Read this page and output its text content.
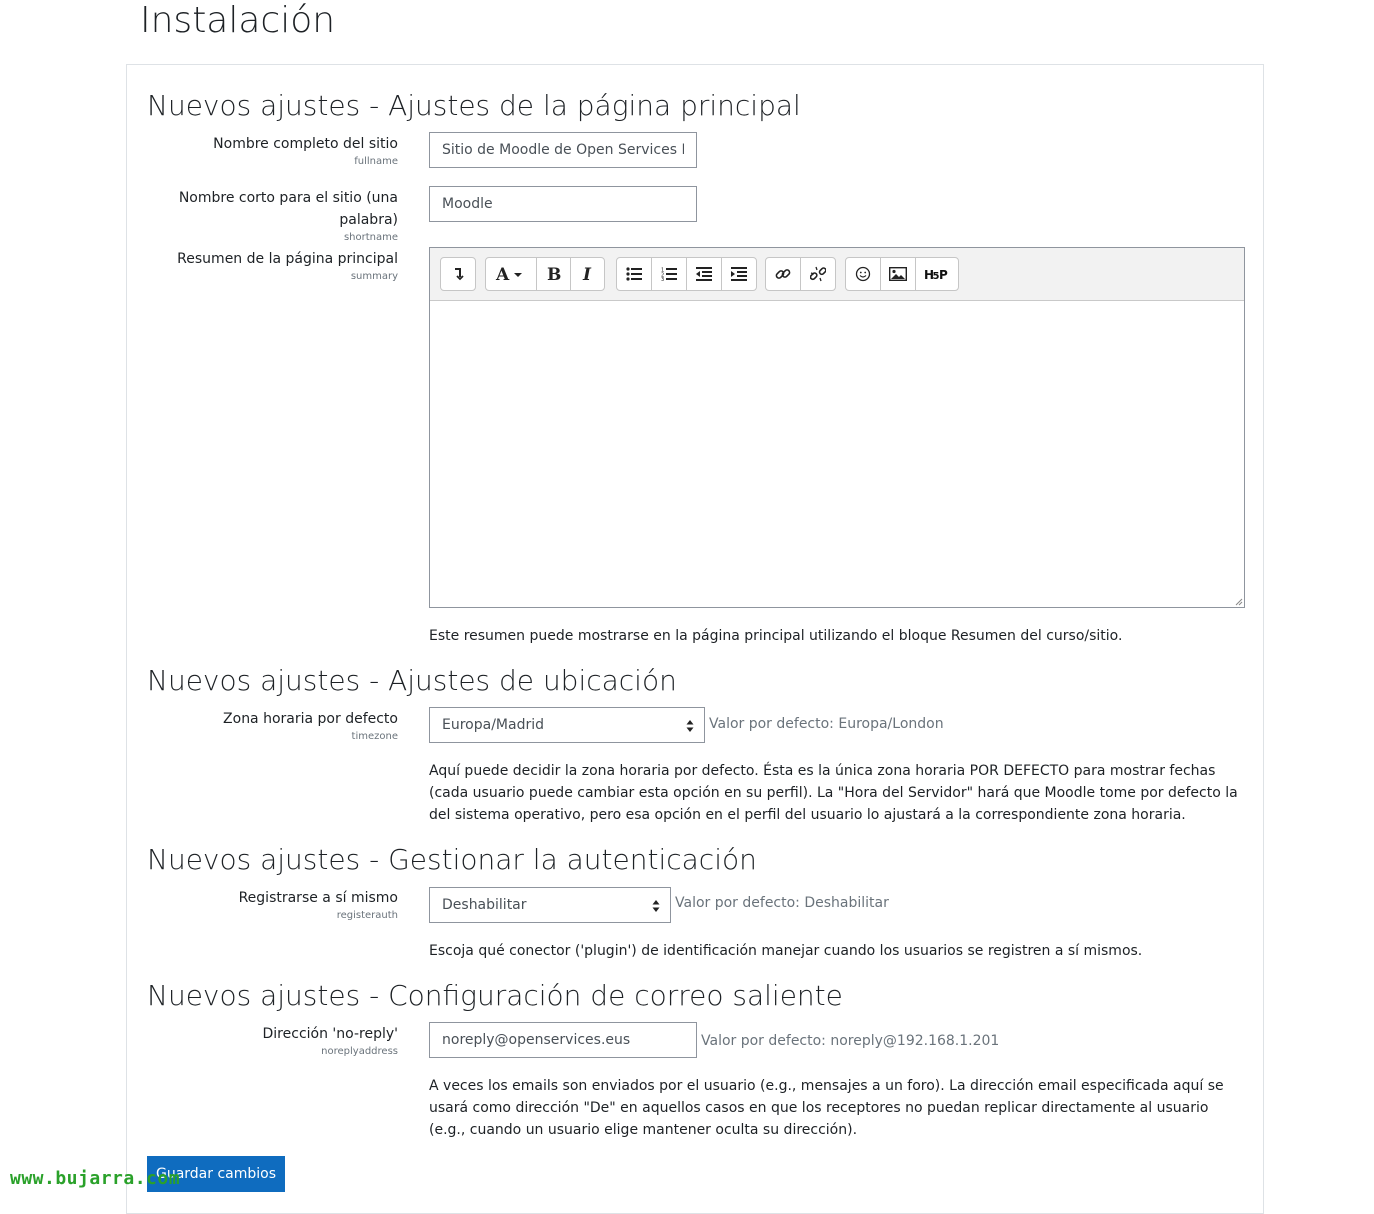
Instalación
Nuevos ajustes - Ajustes de la página principal
Nombre completo del sitio
fullname
Sitio de Moodle de Open Services IT
Nombre corto para el sitio (una palabra)
shortname
Moodle
Resumen de la página principal
summary	A B I	1
2
3	H
5 P
Este resumen puede mostrarse en la página principal utilizando el bloque Resumen del curso/sitio.
Nuevos ajustes - Ajustes de ubicación
Zona horaria por defecto
timezone
Europa/Madrid	Valor por defecto: Europa/London
Aquí puede decidir la zona horaria por defecto. Ésta es la única zona horaria POR DEFECTO para mostrar fechas (cada usuario puede cambiar esta opción en su perfil). La "Hora del Servidor" hará que Moodle tome por defecto la del sistema operativo, pero esa opción en el perfil del usuario lo ajustará a la correspondiente zona horaria.
Nuevos ajustes - Gestionar la autenticación
Registrarse a sí mismo
registerauth
Deshabilitar	Valor por defecto: Deshabilitar
Escoja qué conector ('plugin') de identificación manejar cuando los usuarios se registren a sí mismos.
Nuevos ajustes - Configuración de correo saliente
Dirección 'no-reply'
noreplyaddress
noreply@openservices.eus
Valor por defecto: noreply@192.168.1.201
A veces los emails son enviados por el usuario (e.g., mensajes a un foro). La dirección email especificada aquí se usará como dirección "De" en aquellos casos en que los receptores no puedan replicar directamente al usuario (e.g., cuando un usuario elige mantener oculta su dirección).
Guardar cambios
www.bujarra.com
